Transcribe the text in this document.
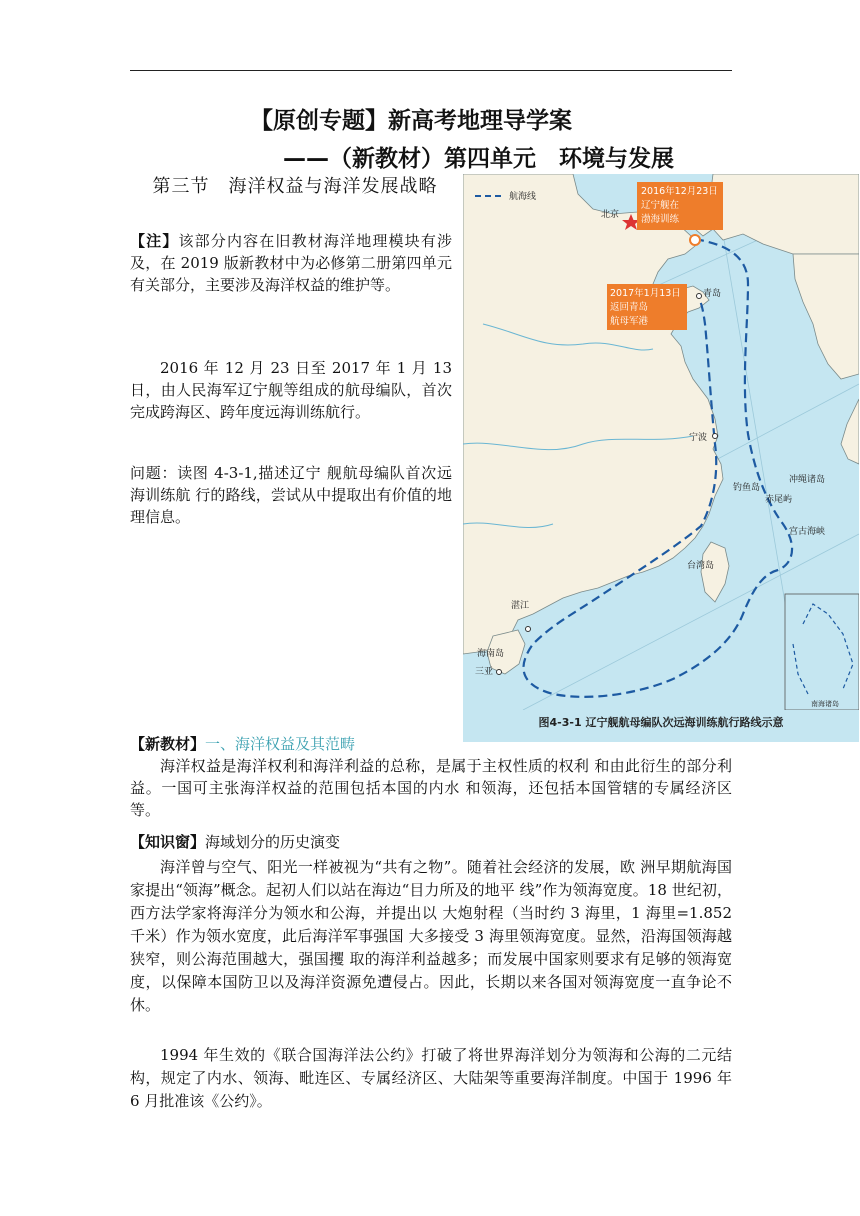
【原创专题】新高考地理导学案
——（新教材）第四单元　环境与发展
第三节　海洋权益与海洋发展战略
【注】该部分内容在旧教材海洋地理模块有涉及，在 2019 版新教材中为必修第二册第四单元有关部分，主要涉及海洋权益的维护等。
2016 年 12 月 23 日至 2017 年 1 月 13 日，由人民海军辽宁舰等组成的航母编队，首次完成跨海区、跨年度远海训练航行。
问题：读图 4-3-1,描述辽宁 舰航母编队首次远海训练航 行的路线，尝试从中提取出有价值的地理信息。
航海线
北京
青岛
宁波
钓鱼岛
赤尾屿
冲绳诸岛
宫古海峡
台湾岛
湛江
海南岛
三亚
南海诸岛
2016年12月23日
辽宁舰在
渤海训练
2017年1月13日
返回青岛
航母军港
图4-3-1 辽宁舰航母编队次远海训练航行路线示意
【新教材】一、海洋权益及其范畴
海洋权益是海洋权利和海洋利益的总称，是属于主权性质的权利 和由此衍生的部分利益。一国可主张海洋权益的范围包括本国的内水 和领海，还包括本国管辖的专属经济区等。
【知识窗】海域划分的历史演变
海洋曾与空气、阳光一样被视为“共有之物”。随着社会经济的发展，欧 洲早期航海国家提出“领海”概念。起初人们以站在海边“目力所及的地平 线”作为领海宽度。18 世纪初，西方法学家将海洋分为领水和公海，并提出以 大炮射程（当时约 3 海里，1 海里=1.852 千米）作为领水宽度，此后海洋军事强国 大多接受 3 海里领海宽度。显然，沿海国领海越狭窄，则公海范围越大，强国攫 取的海洋利益越多；而发展中国家则要求有足够的领海宽度，以保障本国防卫以及海洋资源免遭侵占。因此，长期以来各国对领海宽度一直争论不休。
1994 年生效的《联合国海洋法公约》打破了将世界海洋划分为领海和公海的二元结构，规定了内水、领海、毗连区、专属经济区、大陆架等重要海洋制度。中国于 1996 年 6 月批准该《公约》。
